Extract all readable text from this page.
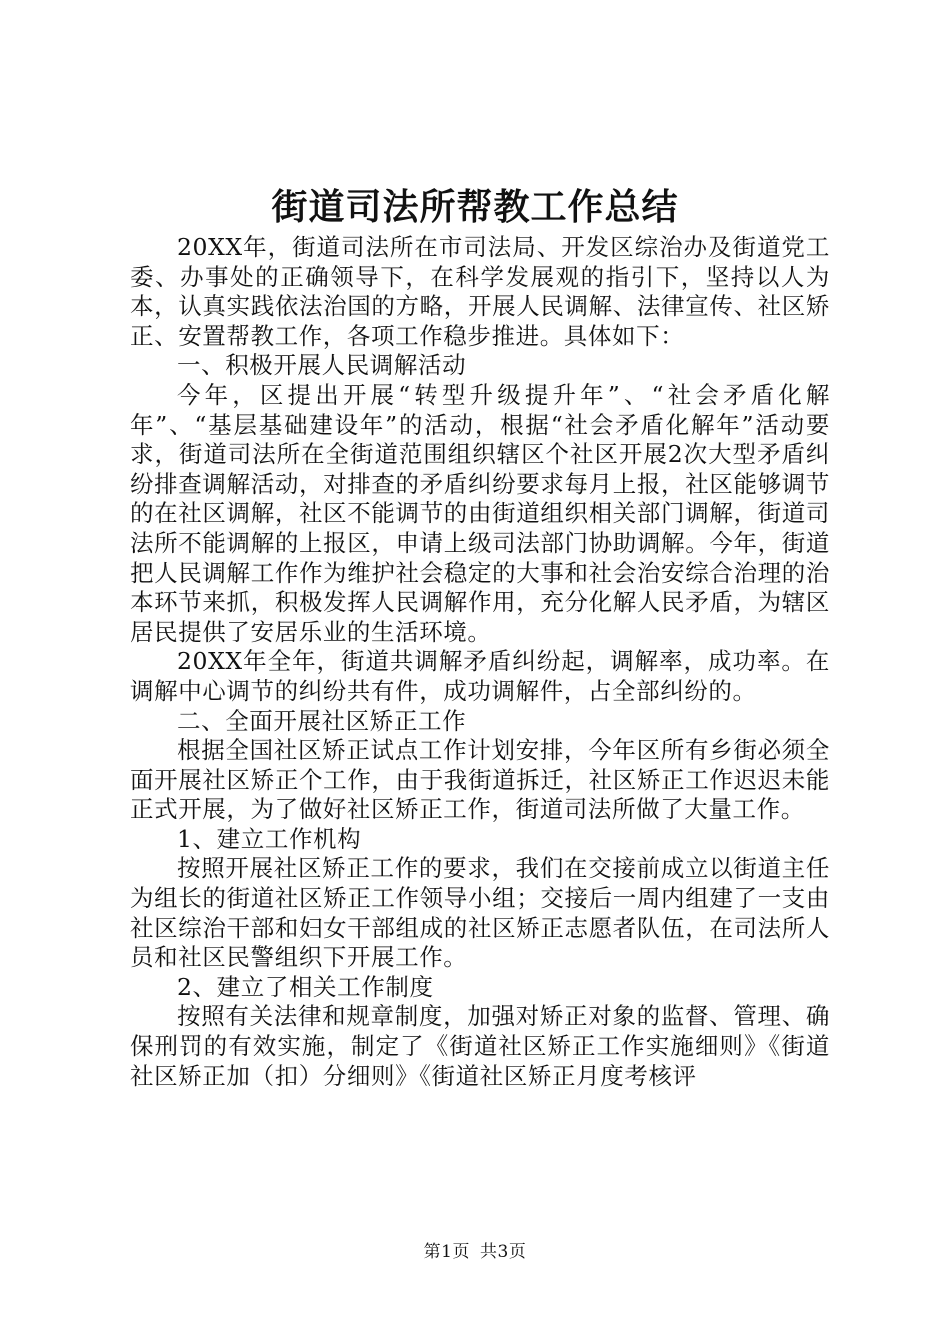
街道司法所帮教工作总结

20XX年，街道司法所在市司法局、开发区综治办及街道党工委、办事处的正确领导下，在科学发展观的指引下，坚持以人为本，认真实践依法治国的方略，开展人民调解、法律宣传、社区矫正、安置帮教工作，各项工作稳步推进。具体如下：

一、积极开展人民调解活动

今年，区提出开展“转型升级提升年”、“社会矛盾化解年”、“基层基础建设年”的活动，根据“社会矛盾化解年”活动要求，街道司法所在全街道范围组织辖区个社区开展2次大型矛盾纠纷排查调解活动，对排查的矛盾纠纷要求每月上报，社区能够调节的在社区调解，社区不能调节的由街道组织相关部门调解，街道司法所不能调解的上报区，申请上级司法部门协助调解。今年，街道把人民调解工作作为维护社会稳定的大事和社会治安综合治理的治本环节来抓，积极发挥人民调解作用，充分化解人民矛盾，为辖区居民提供了安居乐业的生活环境。

20XX年全年，街道共调解矛盾纠纷起，调解率，成功率。在调解中心调节的纠纷共有件，成功调解件，占全部纠纷的。

二、全面开展社区矫正工作

根据全国社区矫正试点工作计划安排，今年区所有乡街必须全面开展社区矫正个工作，由于我街道拆迁，社区矫正工作迟迟未能正式开展，为了做好社区矫正工作，街道司法所做了大量工作。

1、建立工作机构

按照开展社区矫正工作的要求，我们在交接前成立以街道主任为组长的街道社区矫正工作领导小组；交接后一周内组建了一支由社区综治干部和妇女干部组成的社区矫正志愿者队伍，在司法所人员和社区民警组织下开展工作。

2、建立了相关工作制度

按照有关法律和规章制度，加强对矫正对象的监督、管理、确保刑罚的有效实施，制定了《街道社区矫正工作实施细则》《街道社区矫正加（扣）分细则》《街道社区矫正月度考核评

第1页 共3页
